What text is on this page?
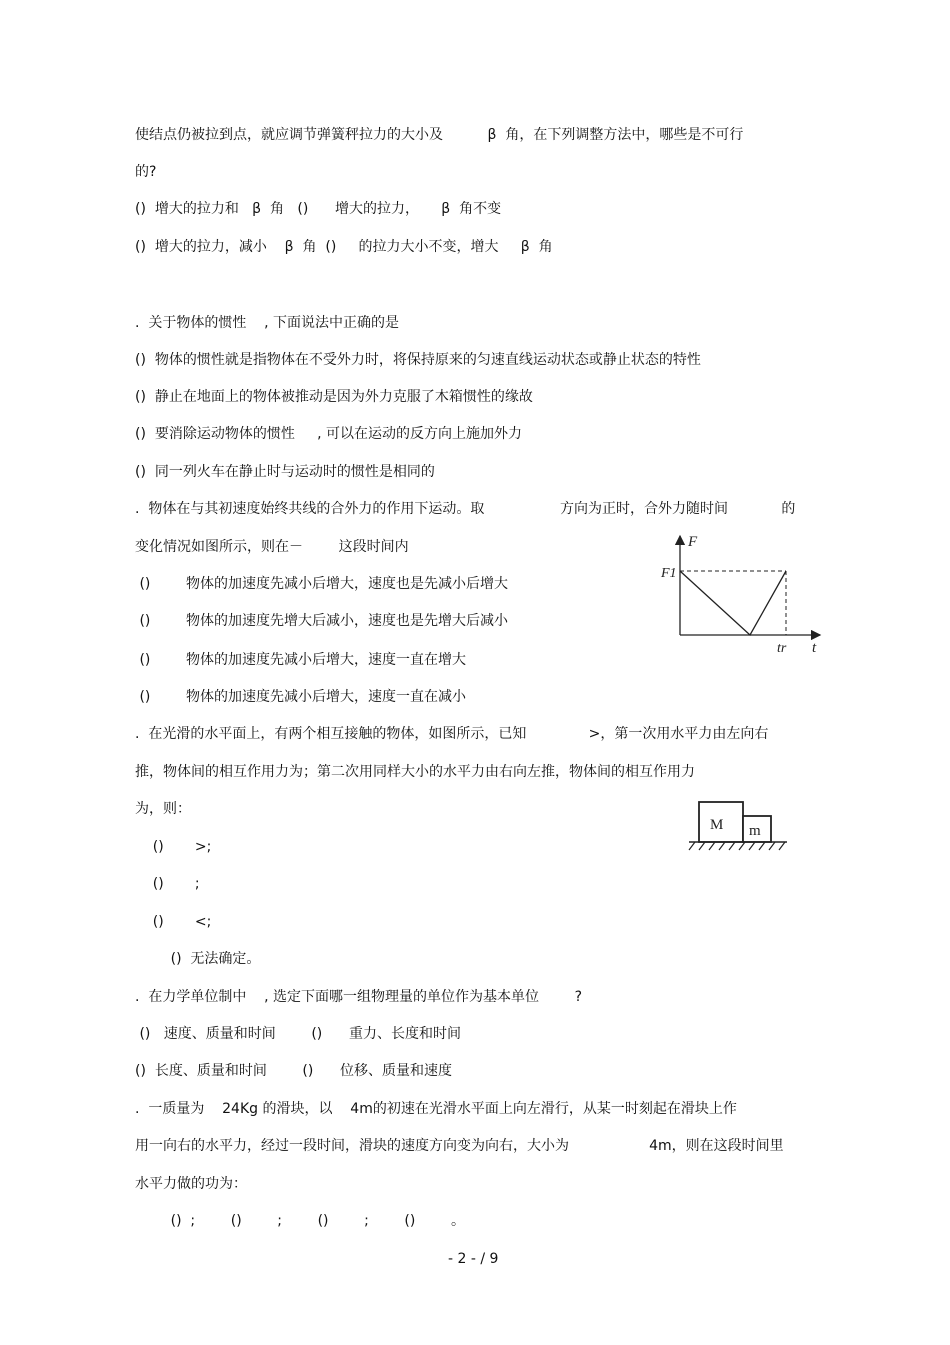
使结点仍被拉到点，就应调节弹簧秤拉力的大小及          β  角，在下列调整方法中，哪些是不可行
的?
()  增大的拉力和   β  角   ()      增大的拉力，     β  角不变
()  增大的拉力，减小    β  角  ()     的拉力大小不变，增大     β  角
.  关于物体的惯性    , 下面说法中正确的是
()  物体的惯性就是指物体在不受外力时，将保持原来的匀速直线运动状态或静止状态的特性
()  静止在地面上的物体被推动是因为外力克服了木箱惯性的缘故
()  要消除运动物体的惯性     , 可以在运动的反方向上施加外力
()  同一列火车在静止时与运动时的惯性是相同的
.  物体在与其初速度始终共线的合外力的作用下运动。取                 方向为正时，合外力随时间            的
变化情况如图所示，则在－        这段时间内
()        物体的加速度先减小后增大，速度也是先减小后增大
()        物体的加速度先增大后减小，速度也是先增大后减小
()        物体的加速度先减小后增大，速度一直在增大
()        物体的加速度先减小后增大，速度一直在减小
F
t
F1
tr
.  在光滑的水平面上，有两个相互接触的物体，如图所示，已知              >，第一次用水平力由左向右
推，物体间的相互作用力为；第二次用同样大小的水平力由右向左推，物体间的相互作用力
为，则：
()       >;
()       ;
()       <;
()  无法确定。
M m
.  在力学单位制中    , 选定下面哪一组物理量的单位作为基本单位        ?
()   速度、质量和时间        ()      重力、长度和时间
()  长度、质量和时间        ()      位移、质量和速度
.  一质量为    24Kg 的滑块，以    4m的初速在光滑水平面上向左滑行，从某一时刻起在滑块上作
用一向右的水平力，经过一段时间，滑块的速度方向变为向右，大小为                  4m，则在这段时间里
水平力做的功为：
()  ;        ()        ;        ()        ;        ()        。
- 2 - / 9
